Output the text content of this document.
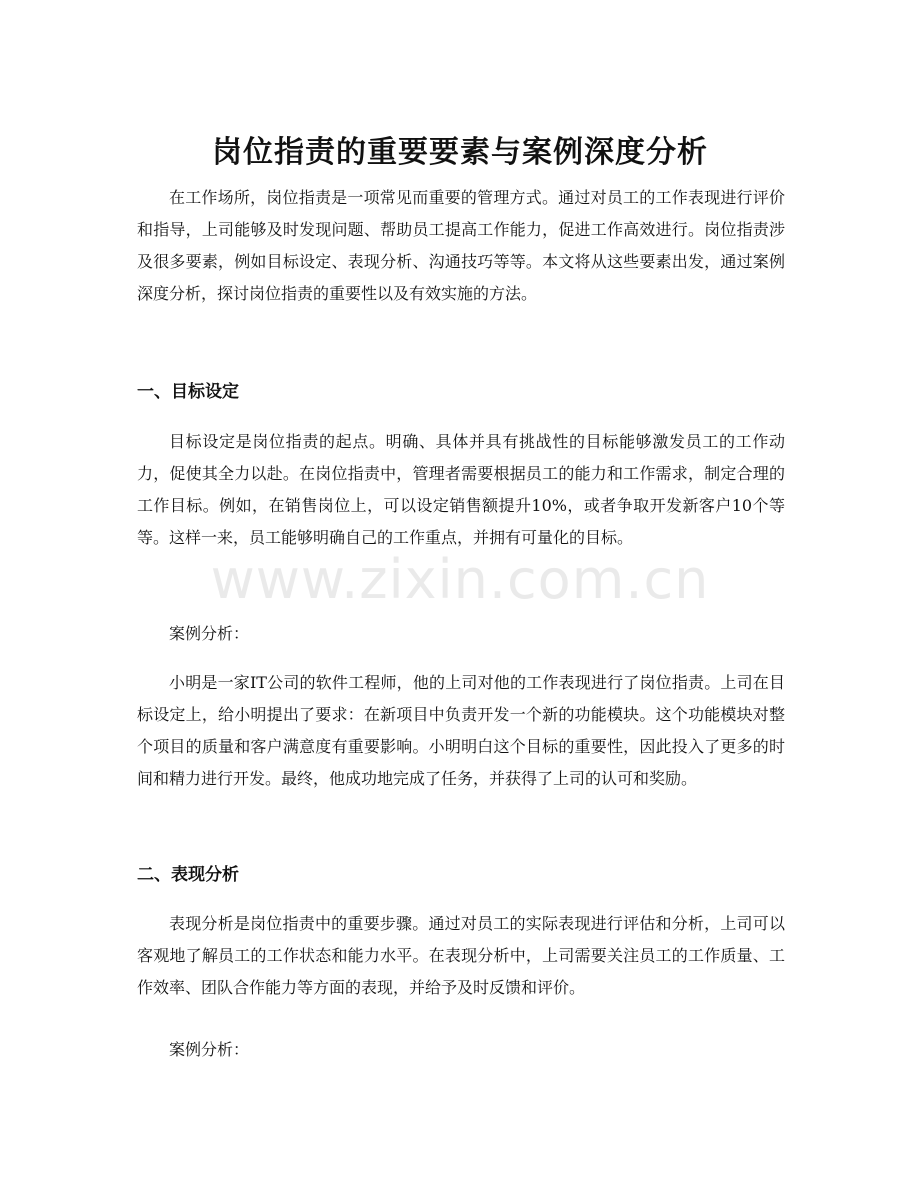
岗位指责的重要要素与案例深度分析

在工作场所，岗位指责是一项常见而重要的管理方式。通过对员工的工作表现进行评价和指导，上司能够及时发现问题、帮助员工提高工作能力，促进工作高效进行。岗位指责涉及很多要素，例如目标设定、表现分析、沟通技巧等等。本文将从这些要素出发，通过案例深度分析，探讨岗位指责的重要性以及有效实施的方法。

一、目标设定

目标设定是岗位指责的起点。明确、具体并具有挑战性的目标能够激发员工的工作动力，促使其全力以赴。在岗位指责中，管理者需要根据员工的能力和工作需求，制定合理的工作目标。例如，在销售岗位上，可以设定销售额提升10%，或者争取开发新客户10个等等。这样一来，员工能够明确自己的工作重点，并拥有可量化的目标。

案例分析：

小明是一家IT公司的软件工程师，他的上司对他的工作表现进行了岗位指责。上司在目标设定上，给小明提出了要求：在新项目中负责开发一个新的功能模块。这个功能模块对整个项目的质量和客户满意度有重要影响。小明明白这个目标的重要性，因此投入了更多的时间和精力进行开发。最终，他成功地完成了任务，并获得了上司的认可和奖励。

二、表现分析

表现分析是岗位指责中的重要步骤。通过对员工的实际表现进行评估和分析，上司可以客观地了解员工的工作状态和能力水平。在表现分析中，上司需要关注员工的工作质量、工作效率、团队合作能力等方面的表现，并给予及时反馈和评价。

案例分析：

www.zixin.com.cn
